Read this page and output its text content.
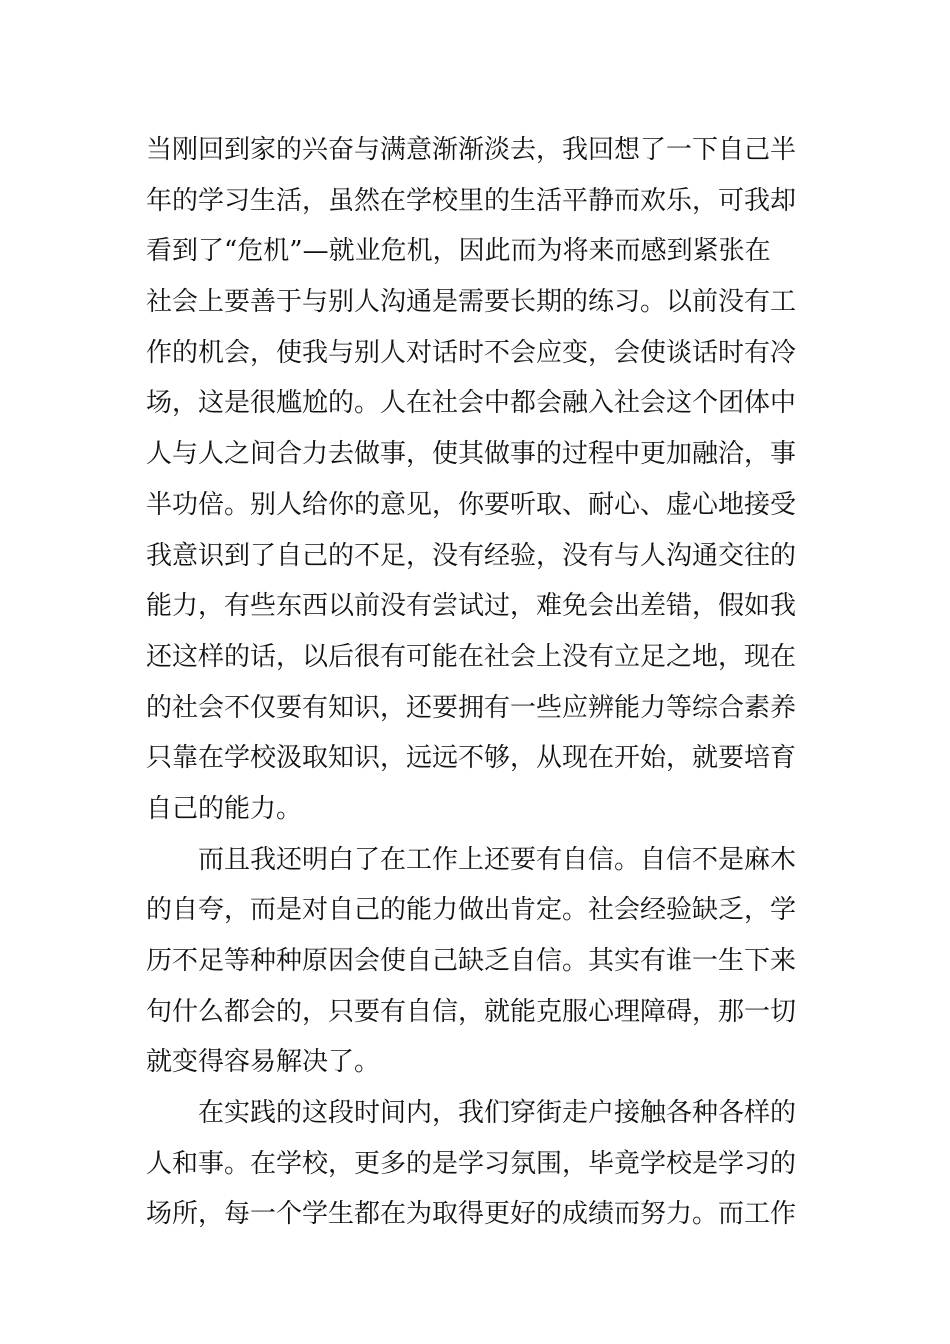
当刚回到家的兴奋与满意渐渐淡去，我回想了一下自己半
年的学习生活，虽然在学校里的生活平静而欢乐，可我却
看到了“危机”—就业危机，因此而为将来而感到紧张在
社会上要善于与别人沟通是需要长期的练习。以前没有工
作的机会，使我与别人对话时不会应变，会使谈话时有冷
场，这是很尴尬的。人在社会中都会融入社会这个团体中
人与人之间合力去做事，使其做事的过程中更加融洽，事
半功倍。别人给你的意见，你要听取、耐心、虚心地接受
我意识到了自己的不足，没有经验，没有与人沟通交往的
能力，有些东西以前没有尝试过，难免会出差错，假如我
还这样的话，以后很有可能在社会上没有立足之地，现在
的社会不仅要有知识，还要拥有一些应辨能力等综合素养
只靠在学校汲取知识，远远不够，从现在开始，就要培育
自己的能力。
而且我还明白了在工作上还要有自信。自信不是麻木
的自夸，而是对自己的能力做出肯定。社会经验缺乏，学
历不足等种种原因会使自己缺乏自信。其实有谁一生下来
句什么都会的，只要有自信，就能克服心理障碍，那一切
就变得容易解决了。
在实践的这段时间内，我们穿街走户接触各种各样的
人和事。在学校，更多的是学习氛围，毕竟学校是学习的
场所，每一个学生都在为取得更好的成绩而努力。而工作
